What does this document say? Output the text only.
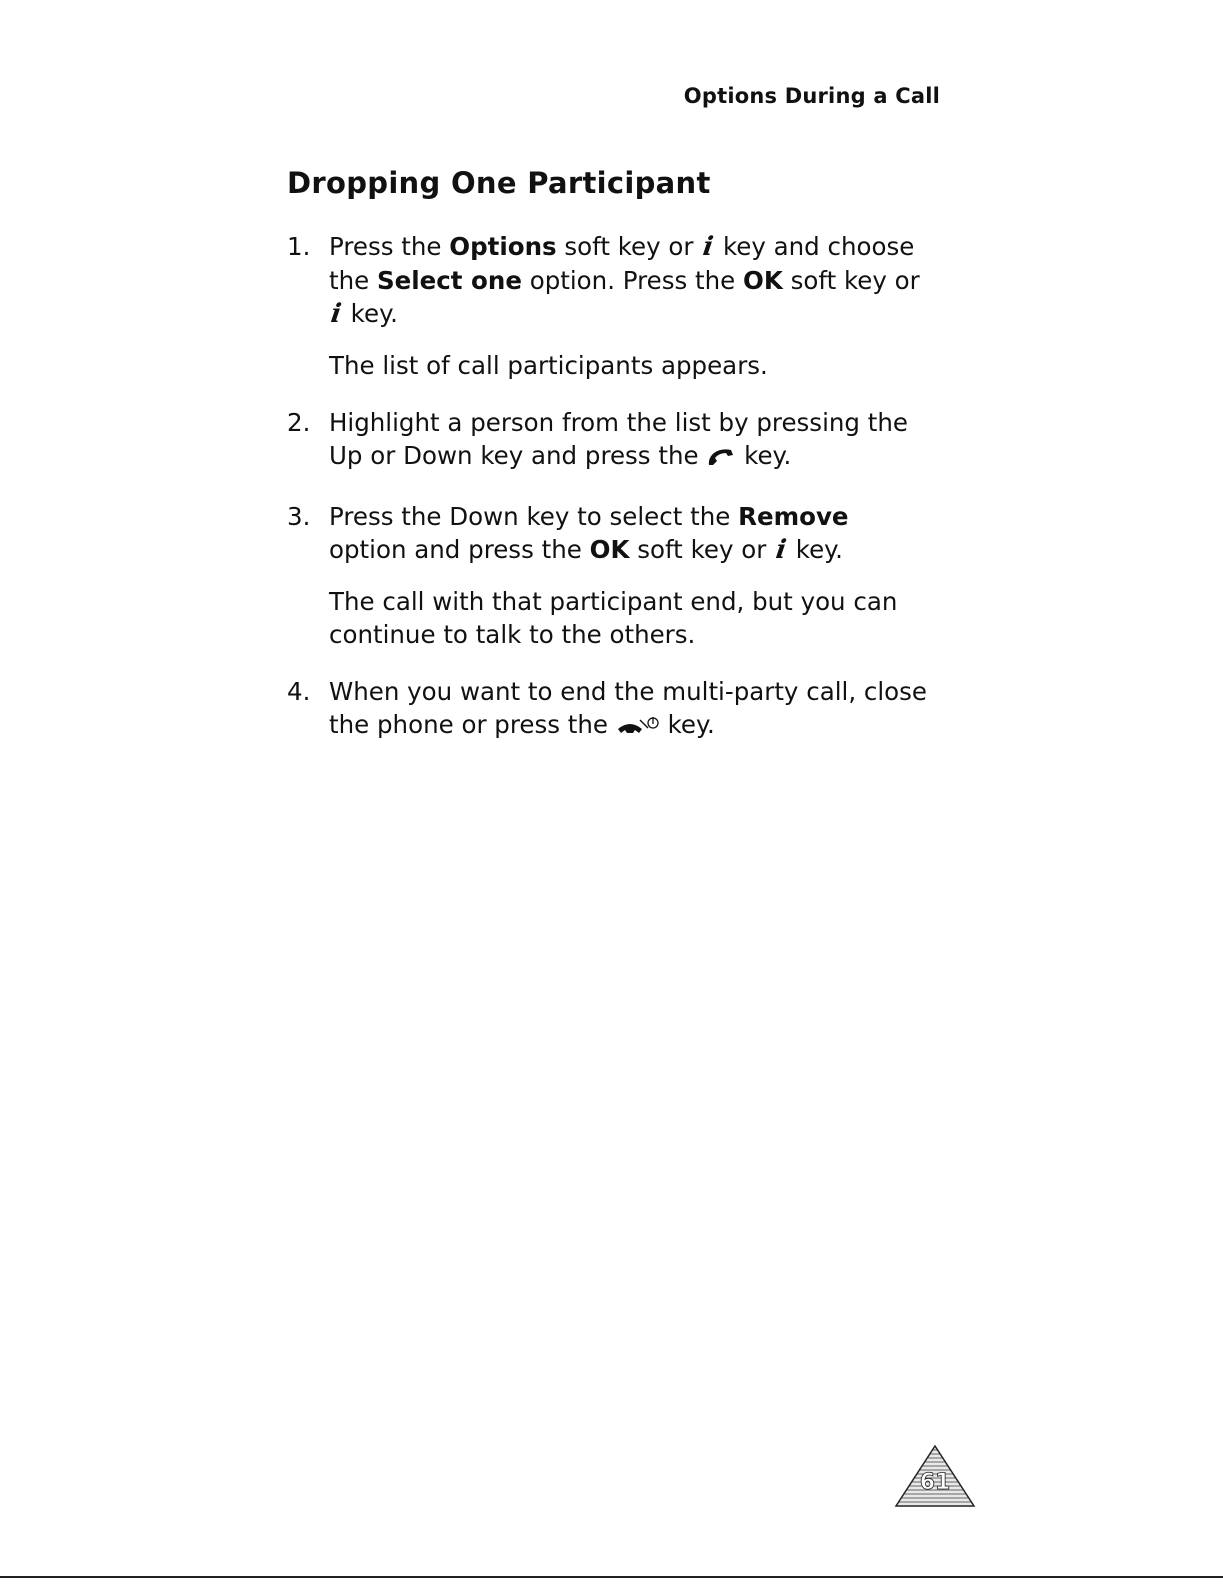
Options During a Call
Dropping One Participant
1. Press the Options soft key or i key and choose the Select one option. Press the OK soft key or
i key.
The list of call participants appears.
2. Highlight a person from the list by pressing the Up or Down key and press the  key.
3. Press the Down key to select the Remove
option and press the OK soft key or i key.
The call with that participant end, but you can continue to talk to the others.
4. When you want to end the multi-party call, close the phone or press the  key.
61
